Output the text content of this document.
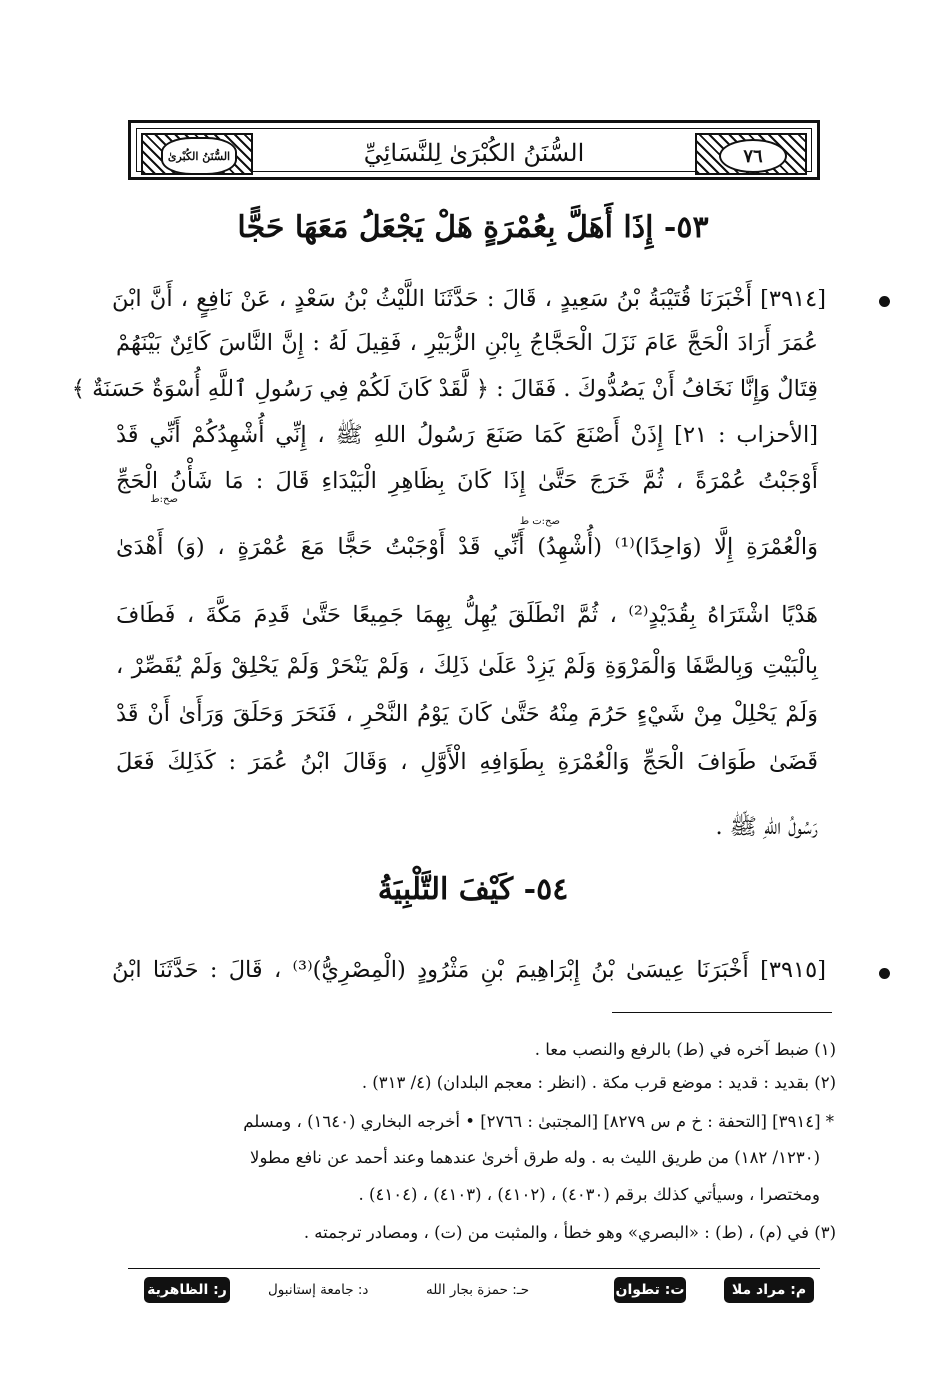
٧٦
السُّنَنُ الكُبْرَىٰ لِلنَّسَائِيِّ
السُّنَنُ الكُبْرىٰ
٥٣- إِذَا أَهَلَّ بِعُمْرَةٍ هَلْ يَجْعَلُ مَعَهَا حَجًّا
[٣٩١٤] أَخْبَرَنَا قُتَيْبَةُ بْنُ سَعِيدٍ ، قَالَ : حَدَّثَنَا اللَّيْثُ بْنُ سَعْدٍ ، عَنْ نَافِعٍ ، أَنَّ ابْنَ
عُمَرَ أَرَادَ الْحَجَّ عَامَ نَزَلَ الْحَجَّاجُ بِابْنِ الزُّبَيْرِ ، فَقِيلَ لَهُ : إِنَّ النَّاسَ كَائِنٌ بَيْنَهُمْ
قِتَالٌ وَإِنَّا نَخَافُ أَنْ يَصُدُّوكَ . فَقَالَ : ﴿ لَّقَدْ كَانَ لَكُمْ فِي رَسُولِ ٱللَّهِ أُسْوَةٌ حَسَنَةٌ ﴾
[الأحزاب : ٢١] إِذَنْ أَصْنَعَ كَمَا صَنَعَ رَسُولُ اللهِ ﷺ ، إِنِّي أُشْهِدُكُمْ أَنِّي قَدْ
أَوْجَبْتُ عُمْرَةً ، ثُمَّ خَرَجَ حَتَّىٰ إِذَا كَانَ بِظَاهِرِ الْبَيْدَاءِ قَالَ : مَا شَأْنُ الْحَجِّ
صح:ت ط
صح:ط
وَالْعُمْرَةِ إِلَّا (وَاحِدًا)⁽¹⁾ (أُشْهِدُ) أَنِّي قَدْ أَوْجَبْتُ حَجًّا مَعَ عُمْرَةٍ ، (وَ) أَهْدَىٰ
هَدْيًا اشْتَرَاهُ بِقُدَيْدٍ⁽²⁾ ، ثُمَّ انْطَلَقَ يُهِلُّ بِهِمَا جَمِيعًا حَتَّىٰ قَدِمَ مَكَّةَ ، فَطَافَ
بِالْبَيْتِ وَبِالصَّفَا وَالْمَرْوَةِ وَلَمْ يَزِدْ عَلَىٰ ذَلِكَ ، وَلَمْ يَنْحَرْ وَلَمْ يَحْلِقْ وَلَمْ يُقَصِّرْ ،
وَلَمْ يَحْلِلْ مِنْ شَيْءٍ حَرُمَ مِنْهُ حَتَّىٰ كَانَ يَوْمُ النَّحْرِ ، فَنَحَرَ وَحَلَقَ وَرَأَىٰ أَنْ قَدْ
قَضَىٰ طَوَافَ الْحَجِّ وَالْعُمْرَةِ بِطَوَافِهِ الْأَوَّلِ ، وَقَالَ ابْنُ عُمَرَ : كَذَلِكَ فَعَلَ
رَسُولُ اللهِ ﷺ .
٥٤- كَيْفَ التَّلْبِيَةُ
[٣٩١٥] أَخْبَرَنَا عِيسَىٰ بْنُ إِبْرَاهِيمَ بْنِ مَثْرُودٍ (الْمِصْرِيُّ)⁽³⁾ ، قَالَ : حَدَّثَنَا ابْنُ
(١) ضبط آخره في (ط) بالرفع والنصب معا .
(٢) بقديد : قديد : موضع قرب مكة . (انظر : معجم البلدان) (٤/ ٣١٣) .
* [٣٩١٤] [التحفة : خ م س ٨٢٧٩] [المجتبىٰ : ٢٧٦٦] • أخرجه البخاري (١٦٤٠) ، ومسلم
(١٢٣٠/ ١٨٢) من طريق الليث به . وله طرق أخرىٰ عندهما وعند أحمد عن نافع مطولا
ومختصرا ، وسيأتي كذلك برقم (٤٠٣٠) ، (٤١٠٢) ، (٤١٠٣) ، (٤١٠٤) .
(٣) في (م) ، (ط) : «البصري» وهو خطأ ، والمثبت من (ت) ، ومصادر ترجمته .
م: مراد ملا
ت: تطوان
حـ: حمزة بجار الله
د: جامعة إستانبول
ر: الظاهرية
